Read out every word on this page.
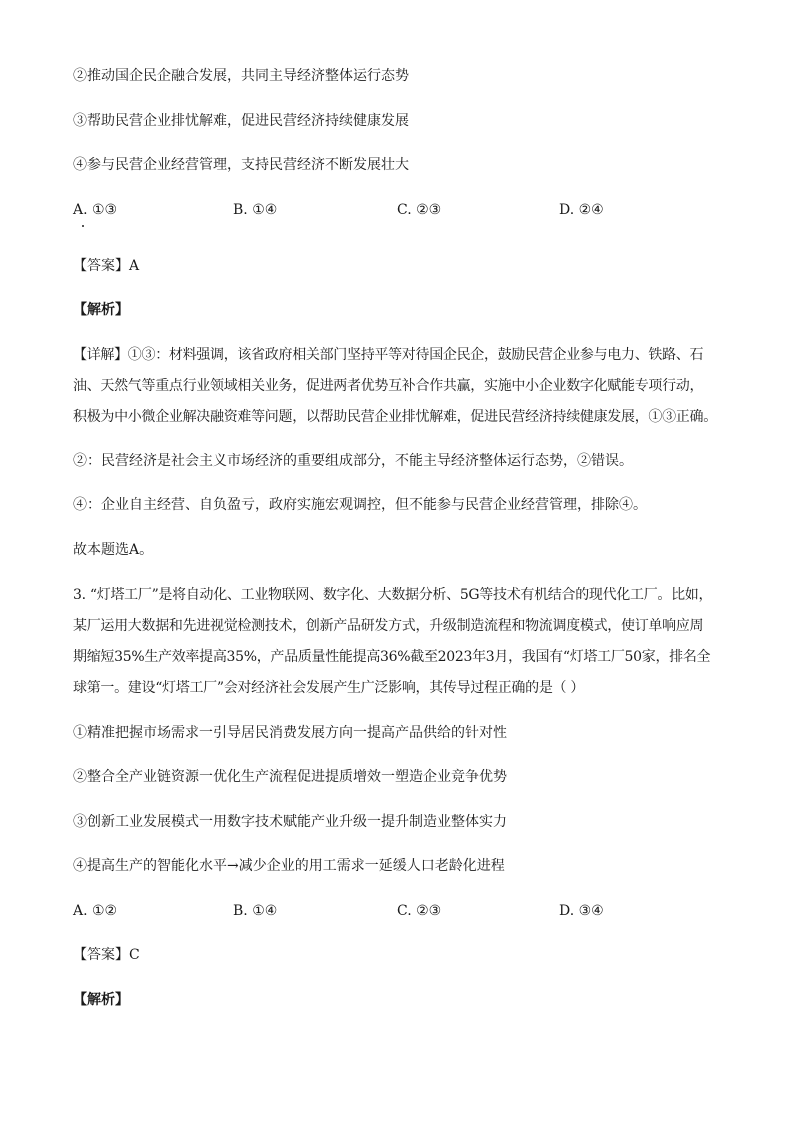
②推动国企民企融合发展，共同主导经济整体运行态势
③帮助民营企业排忧解难，促进民营经济持续健康发展
④参与民营企业经营管理，支持民营经济不断发展壮大
A. ①③	B. ①④	C. ②③	D. ②④
【答案】A
【解析】
【详解】①③：材料强调，该省政府相关部门坚持平等对待国企民企，鼓励民营企业参与电力、铁路、石
油、天然气等重点行业领域相关业务，促进两者优势互补合作共赢，实施中小企业数字化赋能专项行动，
积极为中小微企业解决融资难等问题，以帮助民营企业排忧解难，促进民营经济持续健康发展，①③正确。
②：民营经济是社会主义市场经济的重要组成部分，不能主导经济整体运行态势，②错误。
④：企业自主经营、自负盈亏，政府实施宏观调控，但不能参与民营企业经营管理，排除④。
故本题选A。
3. “灯塔工厂”是将自动化、工业物联网、数字化、大数据分析、5G等技术有机结合的现代化工厂。比如，
某厂运用大数据和先进视觉检测技术，创新产品研发方式，升级制造流程和物流调度模式，使订单响应周
期缩短35%生产效率提高35%，产品质量性能提高36%截至2023年3月，我国有“灯塔工厂50家，排名全
球第一。建设“灯塔工厂”会对经济社会发展产生广泛影响，其传导过程正确的是（ ）
①精准把握市场需求一引导居民消费发展方向一提高产品供给的针对性
②整合全产业链资源一优化生产流程促进提质增效一塑造企业竞争优势
③创新工业发展模式一用数字技术赋能产业升级一提升制造业整体实力
④提高生产的智能化水平→减少企业的用工需求一延缓人口老龄化进程
A. ①②	B. ①④	C. ②③	D. ③④
【答案】C
【解析】
